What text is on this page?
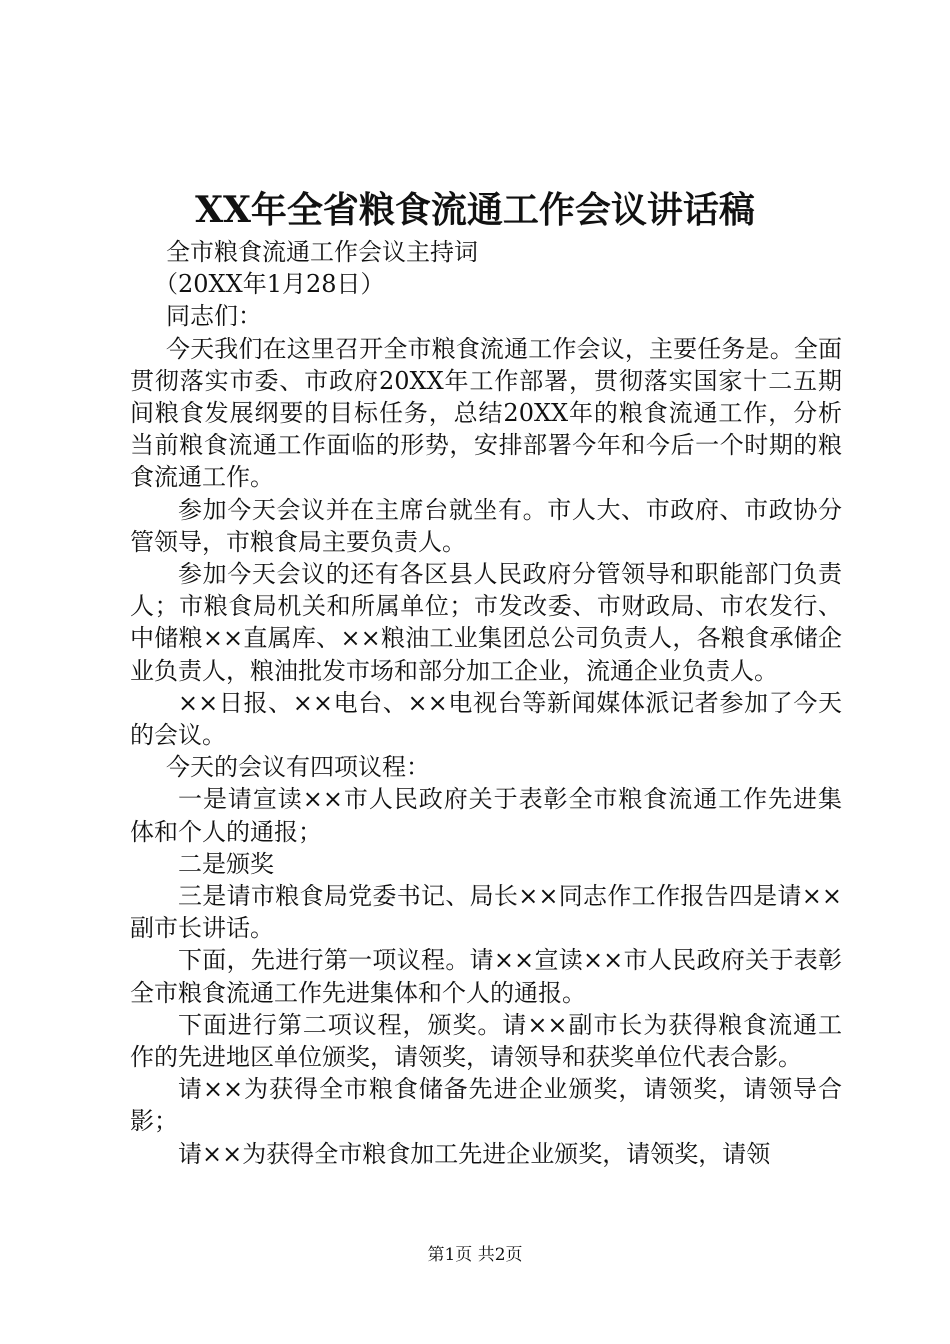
XX年全省粮食流通工作会议讲话稿

全市粮食流通工作会议主持词

（20XX年1月28日）

同志们：

今天我们在这里召开全市粮食流通工作会议，主要任务是。全面贯彻落实市委、市政府20XX年工作部署，贯彻落实国家十二五期间粮食发展纲要的目标任务，总结20XX年的粮食流通工作，分析当前粮食流通工作面临的形势，安排部署今年和今后一个时期的粮食流通工作。

参加今天会议并在主席台就坐有。市人大、市政府、市政协分管领导，市粮食局主要负责人。

参加今天会议的还有各区县人民政府分管领导和职能部门负责人；市粮食局机关和所属单位；市发改委、市财政局、市农发行、中储粮××直属库、××粮油工业集团总公司负责人，各粮食承储企业负责人，粮油批发市场和部分加工企业，流通企业负责人。

××日报、××电台、××电视台等新闻媒体派记者参加了今天的会议。

今天的会议有四项议程：

一是请宣读××市人民政府关于表彰全市粮食流通工作先进集体和个人的通报；

二是颁奖

三是请市粮食局党委书记、局长××同志作工作报告四是请××副市长讲话。

下面，先进行第一项议程。请××宣读××市人民政府关于表彰全市粮食流通工作先进集体和个人的通报。

下面进行第二项议程，颁奖。请××副市长为获得粮食流通工作的先进地区单位颁奖，请领奖，请领导和获奖单位代表合影。

请××为获得全市粮食储备先进企业颁奖，请领奖，请领导合影；

请××为获得全市粮食加工先进企业颁奖，请领奖，请领

第1页 共2页
